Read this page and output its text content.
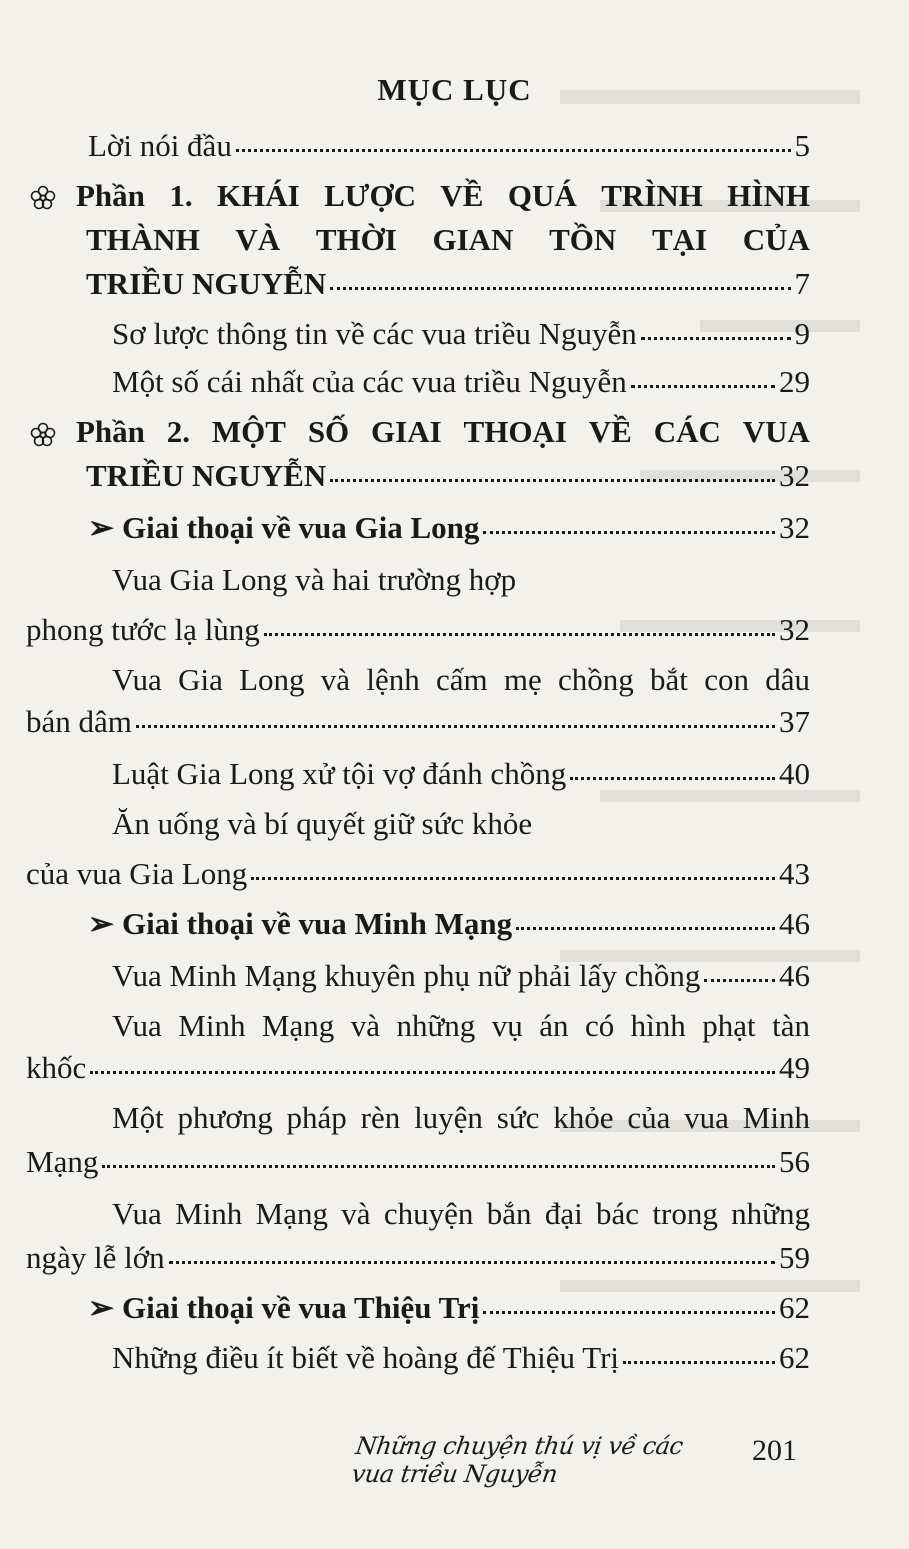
MỤC LỤC
Lời nói đầu	5
Phần 1. KHÁI LƯỢC VỀ QUÁ TRÌNH HÌNH
THÀNH VÀ THỜI GIAN TỒN TẠI CỦA
TRIỀU NGUYỄN	7
Sơ lược thông tin về các vua triều Nguyễn	9
Một số cái nhất của các vua triều Nguyễn	29
Phần 2. MỘT SỐ GIAI THOẠI VỀ CÁC VUA
TRIỀU NGUYỄN	32
➢ Giai thoại về vua Gia Long	32
Vua Gia Long và hai trường hợp
phong tước lạ lùng	32
Vua Gia Long và lệnh cấm mẹ chồng bắt con dâu
bán dâm	37
Luật Gia Long xử tội vợ đánh chồng	40
Ăn uống và bí quyết giữ sức khỏe
của vua Gia Long	43
➢ Giai thoại về vua Minh Mạng	46
Vua Minh Mạng khuyên phụ nữ phải lấy chồng	46
Vua Minh Mạng và những vụ án có hình phạt tàn
khốc	49
Một phương pháp rèn luyện sức khỏe của vua Minh
Mạng	56
Vua Minh Mạng và chuyện bắn đại bác trong những
ngày lễ lớn	59
➢ Giai thoại về vua Thiệu Trị	62
Những điều ít biết về hoàng đế Thiệu Trị	62
Những chuyện thú vị về các vua triều Nguyễn
201
